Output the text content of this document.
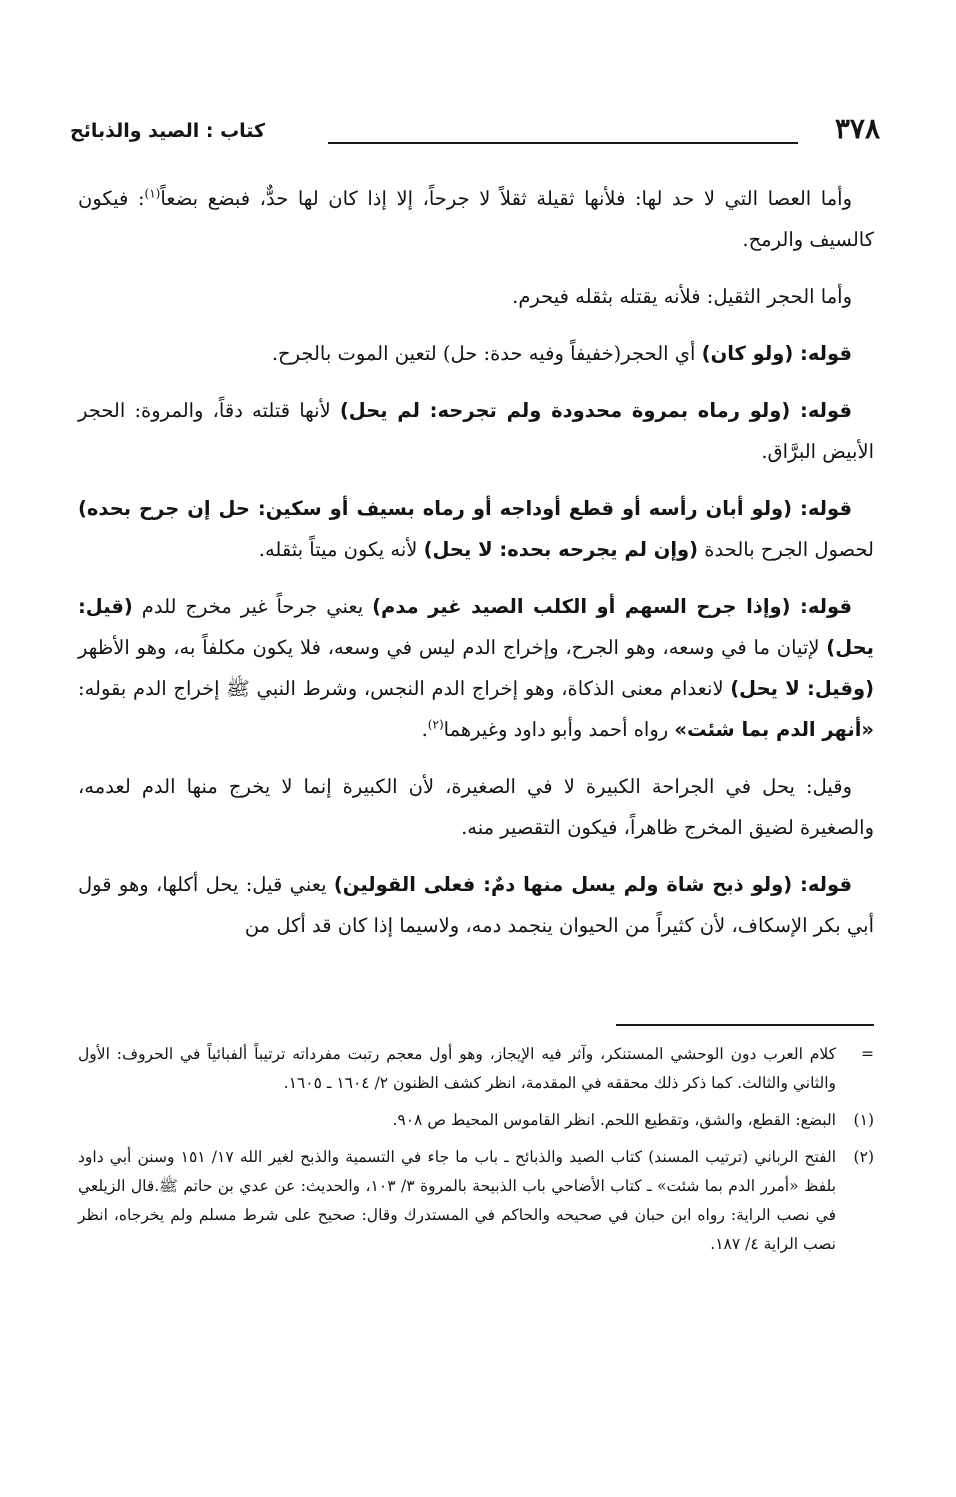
٣٧٨
كتاب : الصيد والذبائح

وأما العصا التي لا حد لها: فلأنها ثقيلة ثقلاً لا جرحاً، إلا إذا كان لها حدٌّ، فبضع بضعاً$^{(١)}$: فيكون كالسيف والرمح.

وأما الحجر الثقيل: فلأنه يقتله بثقله فيحرم.

قوله: (ولو كان) أي الحجر(خفيفاً وفيه حدة: حل) لتعين الموت بالجرح.

قوله: (ولو رماه بمروة محدودة ولم تجرحه: لم يحل) لأنها قتلته دقاً، والمروة: الحجر الأبيض البرَّاق.

قوله: (ولو أبان رأسه أو قطع أوداجه أو رماه بسيف أو سكين: حل إن جرح بحده) لحصول الجرح بالحدة (وإن لم يجرحه بحده: لا يحل) لأنه يكون ميتاً بثقله.

قوله: (وإذا جرح السهم أو الكلب الصيد غير مدم) يعني جرحاً غير مخرج للدم (قيل: يحل) لإتيان ما في وسعه، وهو الجرح، وإخراج الدم ليس في وسعه، فلا يكون مكلفاً به، وهو الأظهر (وقيل: لا يحل) لانعدام معنى الذكاة، وهو إخراج الدم النجس، وشرط النبي ﷺ إخراج الدم بقوله: «أنهر الدم بما شئت» رواه أحمد وأبو داود وغيرهما$^{(٢)}$.

وقيل: يحل في الجراحة الكبيرة لا في الصغيرة، لأن الكبيرة إنما لا يخرج منها الدم لعدمه، والصغيرة لضيق المخرج ظاهراً، فيكون التقصير منه.

قوله: (ولو ذبح شاة ولم يسل منها دمٌ: فعلى القولين) يعني قيل: يحل أكلها، وهو قول أبي بكر الإسكاف، لأن كثيراً من الحيوان ينجمد دمه، ولاسيما إذا كان قد أكل من

=
كلام العرب دون الوحشي المستنكر، وآثر فيه الإيجاز، وهو أول معجم رتبت مفرداته ترتيباً ألفبائياً في الحروف: الأول والثاني والثالث. كما ذكر ذلك محققه في المقدمة، انظر كشف الظنون ٢/ ١٦٠٤ ـ ١٦٠٥.
(١)
البضع: القطع، والشق، وتقطيع اللحم. انظر القاموس المحيط ص ٩٠٨.
(٢)
الفتح الرباني (ترتيب المسند) كتاب الصيد والذبائح ـ باب ما جاء في التسمية والذبح لغير الله ١٧/ ١٥١ وسنن أبي داود بلفظ «أمرر الدم بما شئت» ـ كتاب الأضاحي باب الذبيحة بالمروة ٣/ ١٠٣، والحديث: عن عدي بن حاتم ﷺ.قال الزيلعي في نصب الراية: رواه ابن حبان في صحيحه والحاكم في المستدرك وقال: صحيح على شرط مسلم ولم يخرجاه، انظر نصب الراية ٤/ ١٨٧.
